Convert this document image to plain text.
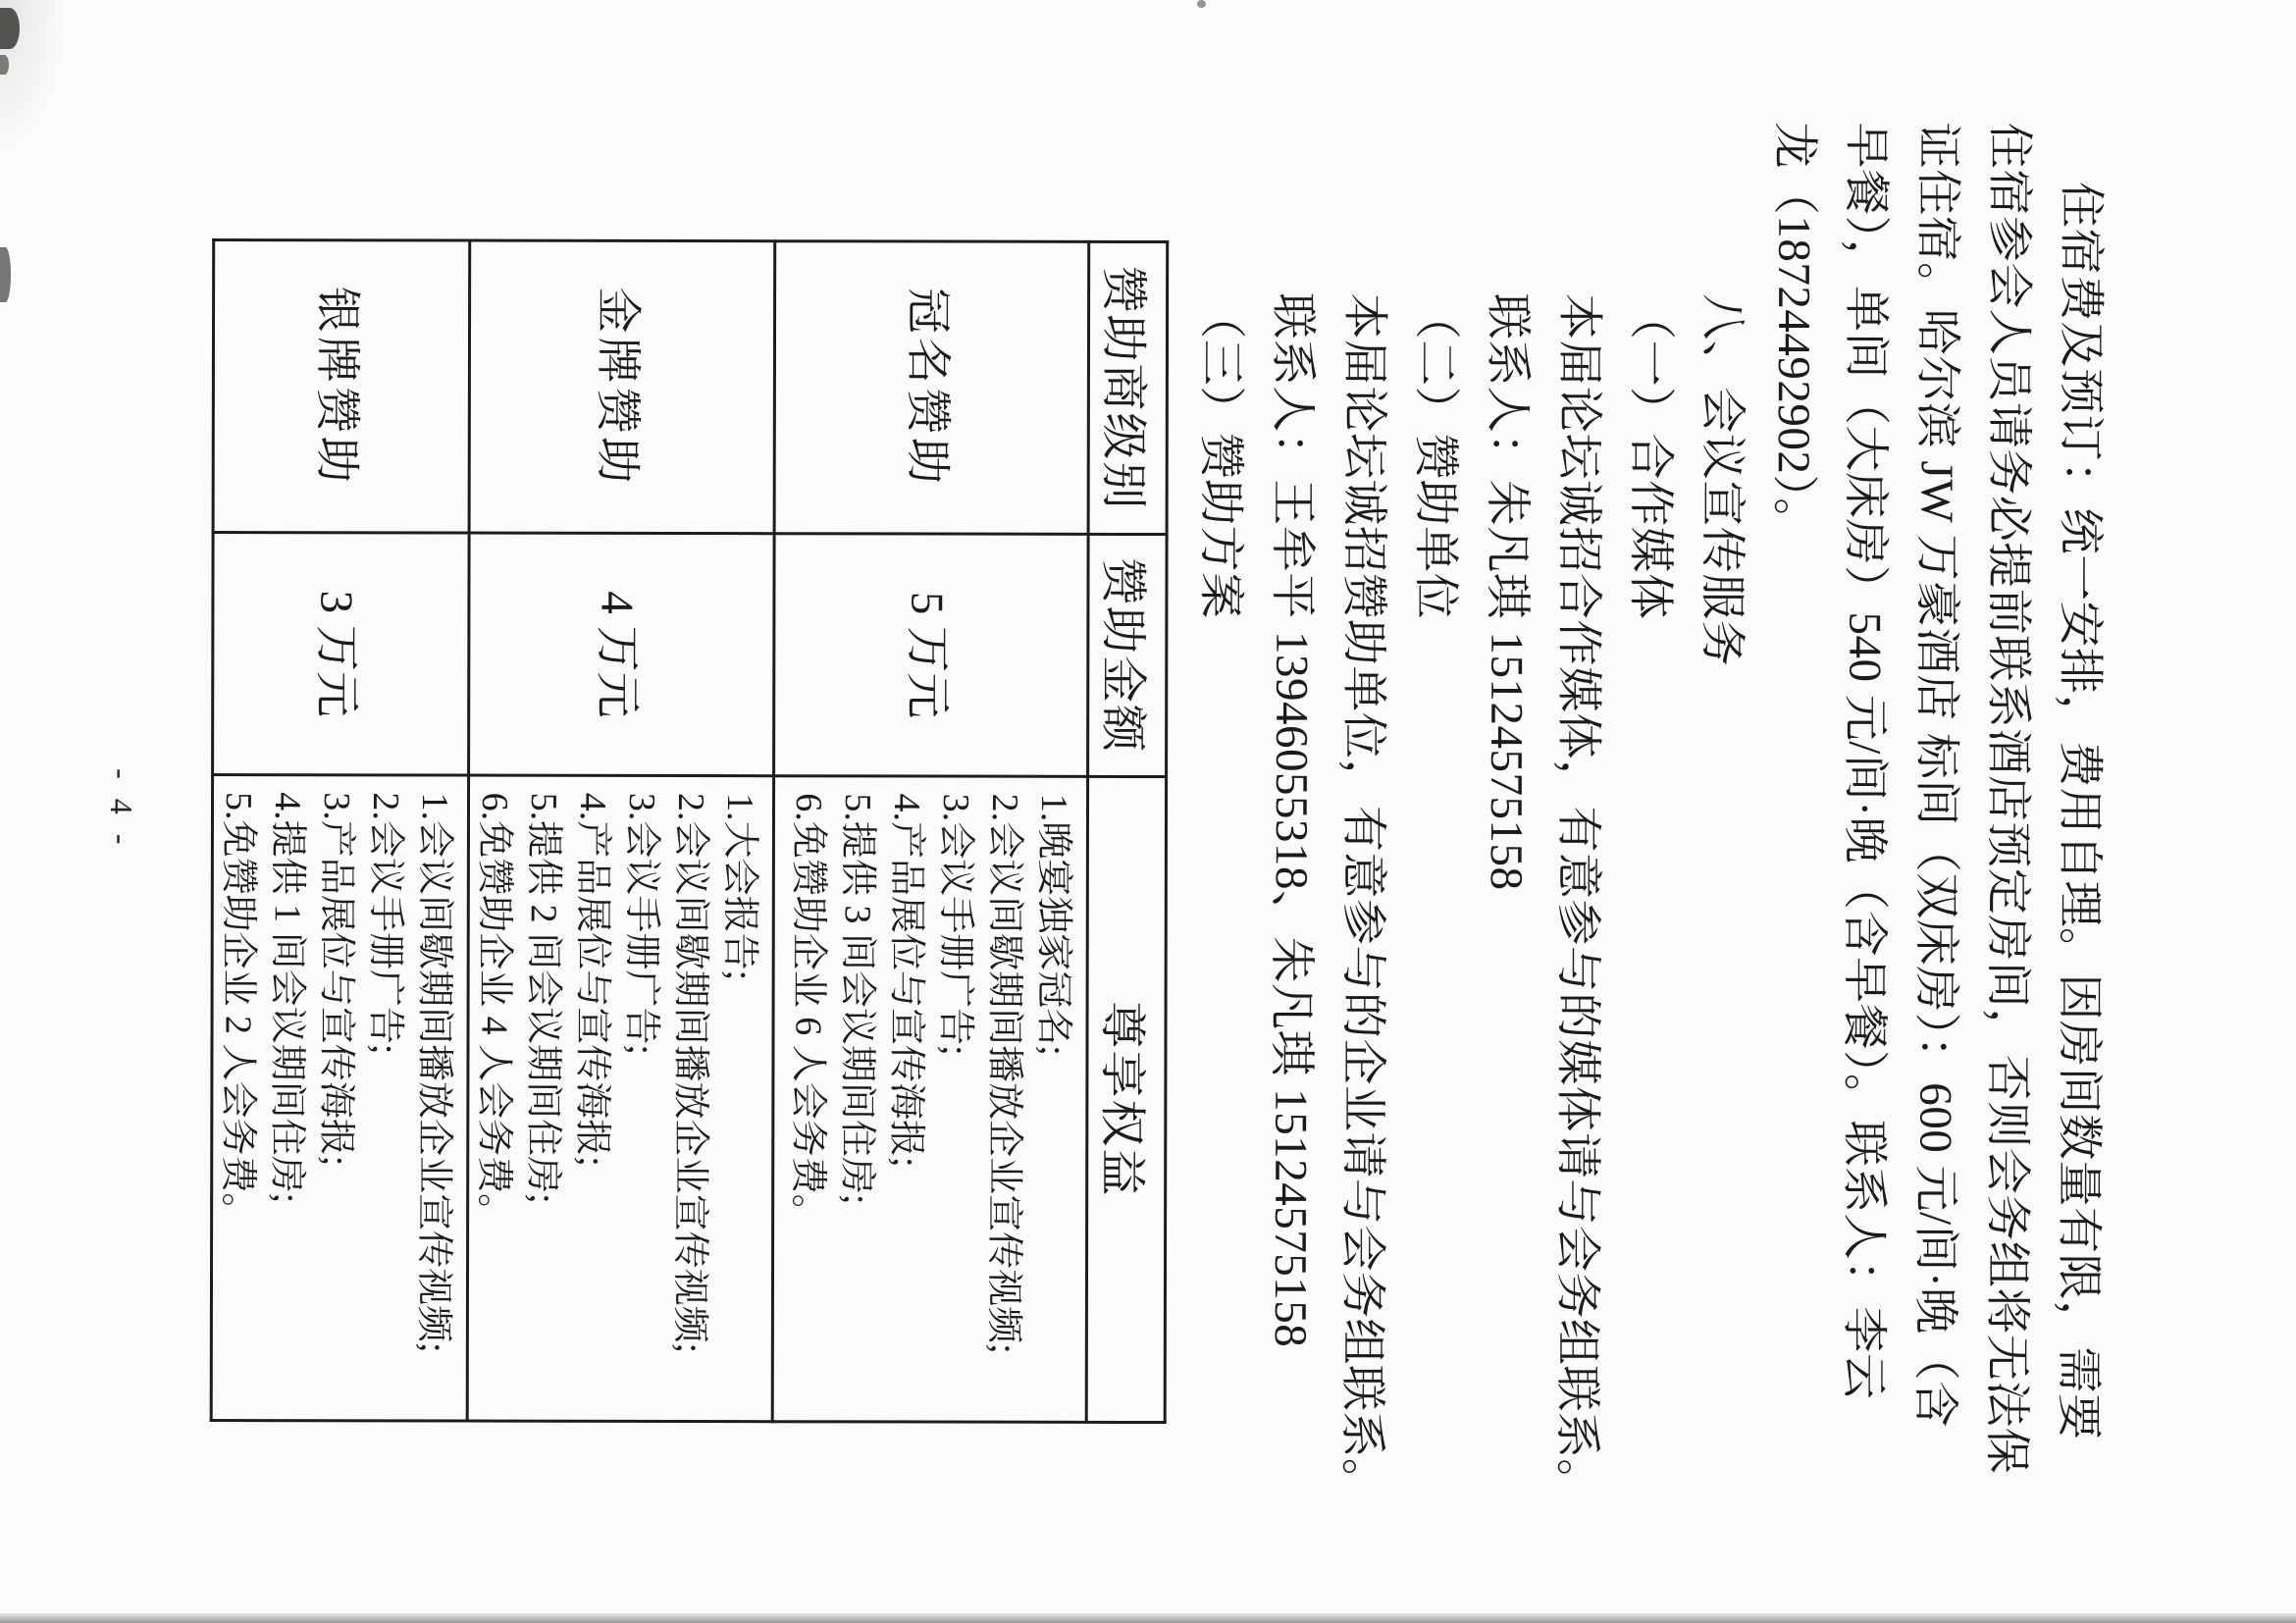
住宿费及预订：统一安排，费用自理。因房间数量有限，需要
住宿参会人员请务必提前联系酒店预定房间，否则会务组将无法保
证住宿。哈尔滨 JW 万豪酒店 标间（双床房）：600 元/间·晚（含
早餐），单间（大床房）540 元/间·晚（含早餐）。联系人：李云
龙（18724492902）。
八、会议宣传服务
（一）合作媒体
本届论坛诚招合作媒体，有意参与的媒体请与会务组联系。
联系人：朱凡琪 15124575158
（二）赞助单位
本届论坛诚招赞助单位，有意参与的企业请与会务组联系。
联系人：王牟平 13946055318、朱凡琪 15124575158
（三）赞助方案
赞助商级别	赞助金额	尊享权益
冠名赞助	5 万元	
1.晚宴独家冠名;
2.会议间歇期间播放企业宣传视频;
3.会议手册广告;
4.产品展位与宣传海报;
5.提供 3 间会议期间住房;
6.免赞助企业 6 人会务费。

金牌赞助	4 万元	
1.大会报告;
2.会议间歇期间播放企业宣传视频;
3.会议手册广告;
4.产品展位与宣传海报;
5.提供 2 间会议期间住房;
6.免赞助企业 4 人会务费。

银牌赞助	3 万元	1.会议间歇期间播放企业宣传视频;
2.会议手册广告;
3.产品展位与宣传海报;
4.提供 1 间会议期间住房;
5.免赞助企业 2 人会务费。
- 4 -
